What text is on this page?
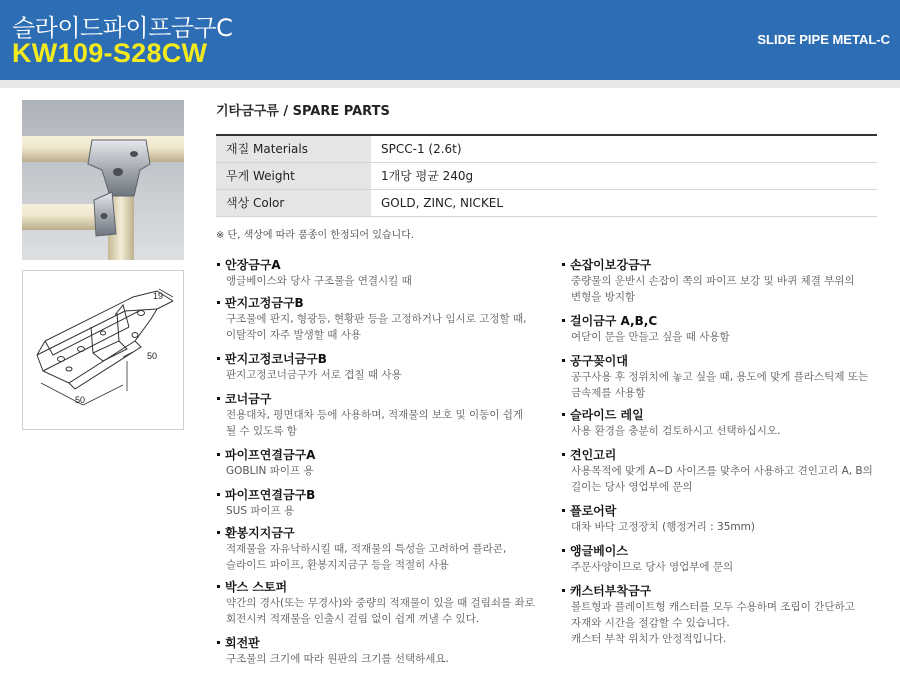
슬라이드파이프금구C
KW109-S28CW	SLIDE PIPE METAL-C
19
50
50
기타금구류 / SPARE PARTS
재질 Materials	SPCC-1 (2.6t)
무게 Weight	1개당 평균 240g
색상 Color	GOLD, ZINC, NICKEL
※ 단, 색상에 따라 품종이 한정되어 있습니다.
안장금구A
앵글베이스와 당사 구조물을 연결시킬 때
판지고정금구B
구조물에 판지, 형광등, 현황판 등을 고정하거나 임시로 고정할 때,
이탈작이 자주 발생할 때 사용
판지고정코너금구B
판지고정코너금구가 서로 겹칠 때 사용
코너금구
전용대차, 평면대차 등에 사용하며, 적재물의 보호 및 이동이 쉽게
될 수 있도록 함
파이프연결금구A
GOBLIN 파이프 용
파이프연결금구B
SUS 파이프 용
환봉지지금구
적재물을 자유낙하시킬 때, 적재물의 특성을 고려하여 플라콘,
슬라이드 파이프, 환봉지지금구 등을 적절히 사용
박스 스토퍼
약간의 경사(또는 무경사)와 중량의 적재물이 있을 때 걸림쇠를 좌로
회전시켜 적재물을 인출시 걸림 없이 쉽게 꺼낼 수 있다.
회전판
구조물의 크기에 따라 원판의 크기를 선택하세요.
손잡이보강금구
중량물의 운반시 손잡이 쪽의 파이프 보강 및 바퀴 체결 부위의
변형을 방지함
걸이금구 A,B,C
여닫이 문을 만들고 싶을 때 사용함
공구꽂이대
공구사용 후 정위치에 놓고 싶을 때, 용도에 맞게 플라스틱제 또는
금속제를 사용함
슬라이드 레일
사용 환경을 충분히 검토하시고 선택하십시오.
견인고리
사용목적에 맞게 A~D 사이즈를 맞추어 사용하고 견인고리 A, B의
길이는 당사 영업부에 문의
플로어락
대차 바닥 고정장치 (행정거리 : 35mm)
앵글베이스
주문사양이므로 당사 영업부에 문의
캐스터부착금구
볼트형과 플레이트형 캐스터를 모두 수용하며 조립이 간단하고
자재와 시간을 절감할 수 있습니다.
캐스터 부착 위치가 안정적입니다.
